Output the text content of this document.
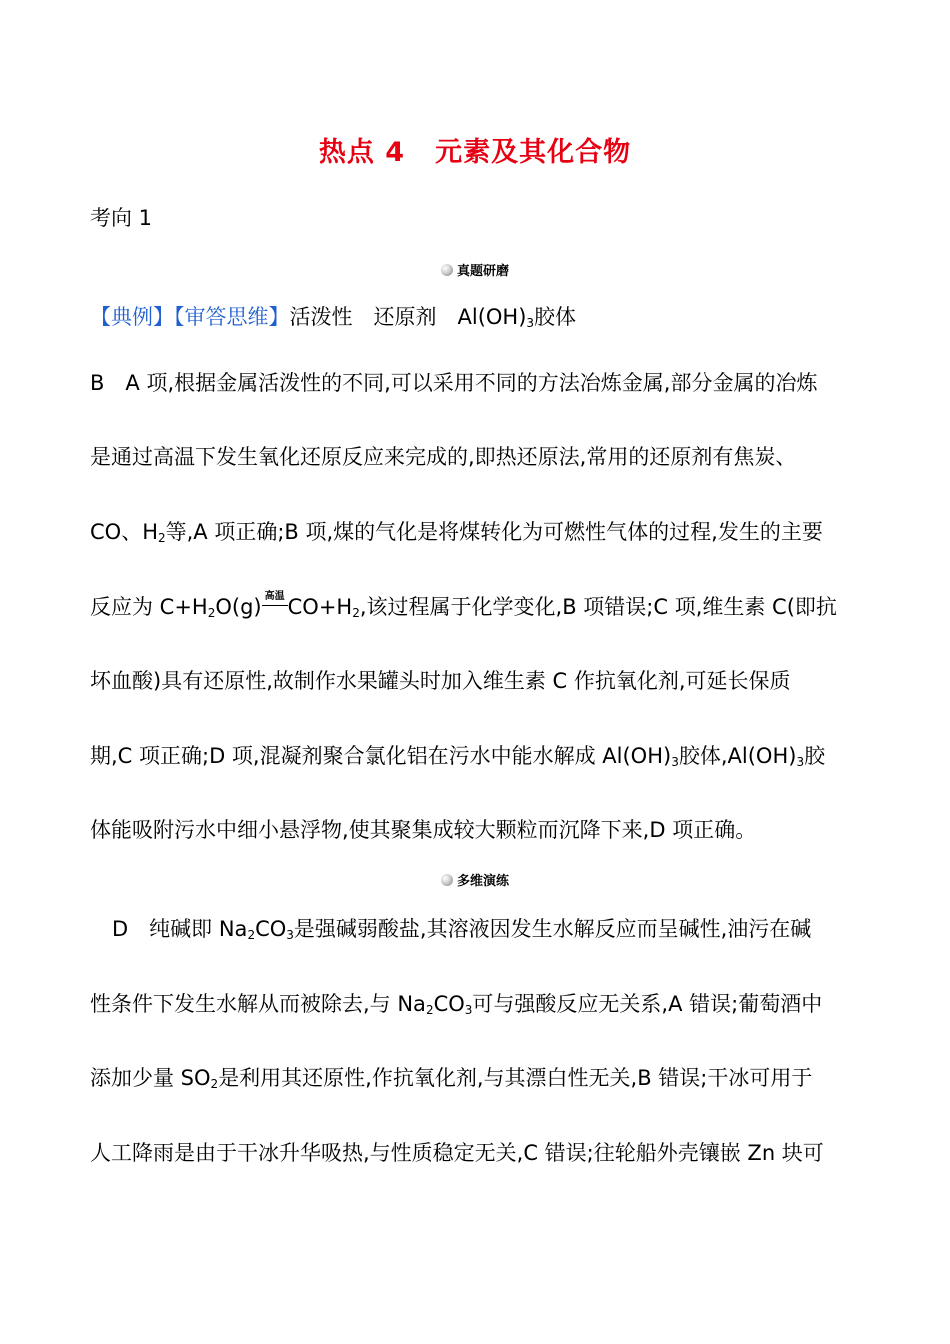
热点 4 元素及其化合物
考向 1
真题研磨
【典例】【审答思维】活泼性　还原剂　$Al(OH)_3$胶体
B　A 项,根据金属活泼性的不同,可以采用不同的方法冶炼金属,部分金属的冶炼
是通过高温下发生氧化还原反应来完成的,即热还原法,常用的还原剂有焦炭、
CO、$H_2$等,A 项正确;B 项,煤的气化是将煤转化为可燃性气体的过程,发生的主要
反应为 $C+H_2O(g)$ 高温 $CO+H_2$,该过程属于化学变化,B 项错误;C 项,维生素 C(即抗
坏血酸)具有还原性,故制作水果罐头时加入维生素 C 作抗氧化剂,可延长保质
期,C 项正确;D 项,混凝剂聚合氯化铝在污水中能水解成 $Al(OH)_3$胶体$,Al(OH)_3$胶
体能吸附污水中细小悬浮物,使其聚集成较大颗粒而沉降下来,D 项正确。
多维演练
D　纯碱即 $Na_2CO_3$是强碱弱酸盐,其溶液因发生水解反应而呈碱性,油污在碱
性条件下发生水解从而被除去,与 $Na_2CO_3$可与强酸反应无关系,A 错误;葡萄酒中
添加少量 $SO_2$是利用其还原性,作抗氧化剂,与其漂白性无关,B 错误;干冰可用于
人工降雨是由于干冰升华吸热,与性质稳定无关,C 错误;往轮船外壳镶嵌 Zn 块可
